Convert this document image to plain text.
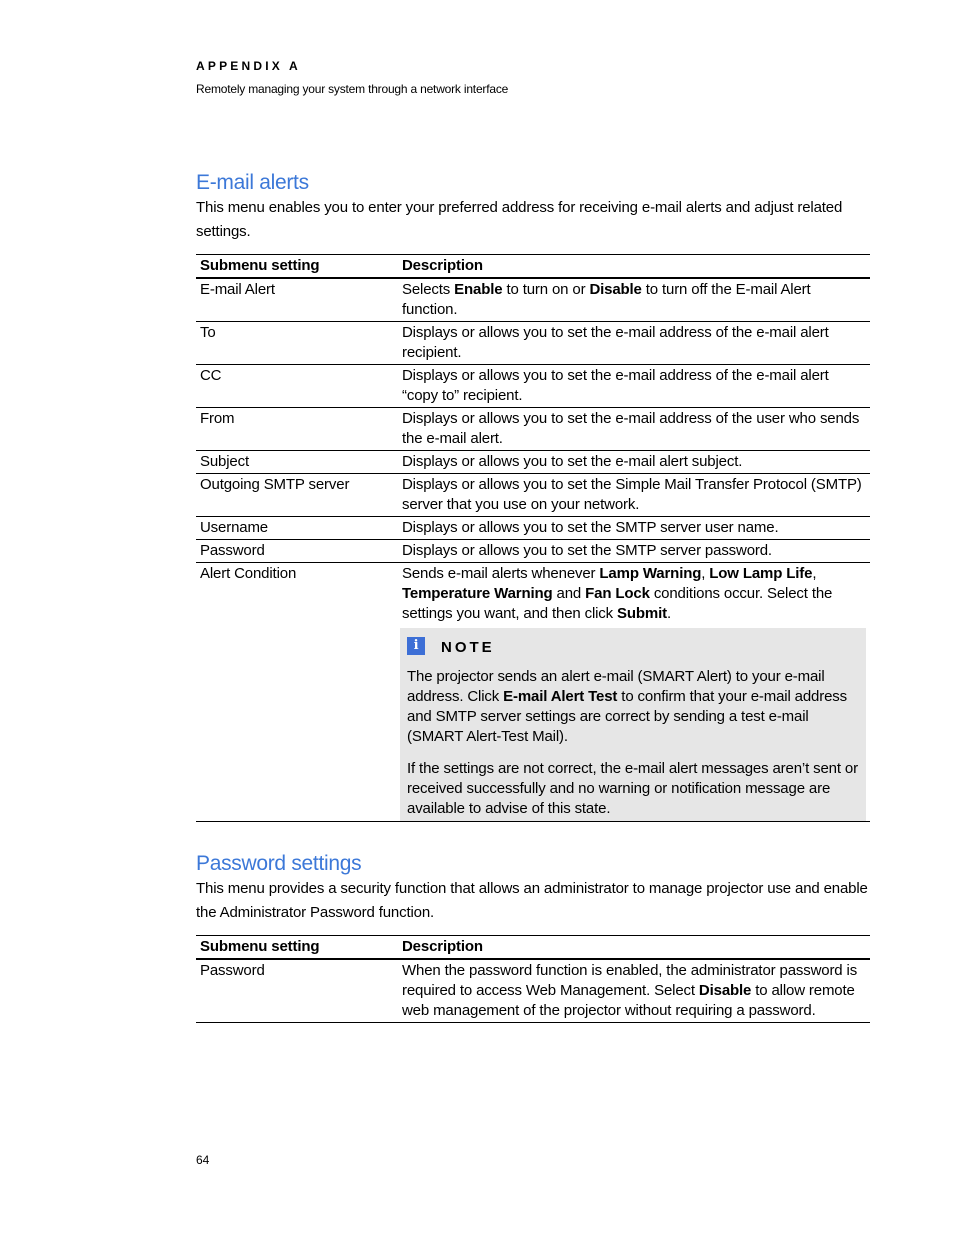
APPENDIX A
Remotely managing your system through a network interface
E-mail alerts

This menu enables you to enter your preferred address for receiving e-mail alerts and adjust related settings.

Submenu setting	Description
E-mail Alert	Selects Enable to turn on or Disable to turn off the E-mail Alert function.

To	Displays or allows you to set the e-mail address of the e-mail alert recipient.

CC	Displays or allows you to set the e-mail address of the e-mail alert “copy to” recipient.

From	Displays or allows you to set the e-mail address of the user who sends the e-mail alert.

Subject	Displays or allows you to set the e-mail alert subject.

Outgoing SMTP server	Displays or allows you to set the Simple Mail Transfer Protocol (SMTP) server that you use on your network.

Username	Displays or allows you to set the SMTP server user name.

Password	Displays or allows you to set the SMTP server password.

Alert Condition	Sends e-mail alerts whenever Lamp Warning, Low Lamp Life, Temperature Warning and Fan Lock conditions occur. Select the settings you want, and then click Submit.
i NOTE

The projector sends an alert e-mail (SMART Alert) to your e-mail address. Click E-mail Alert Test to confirm that your e-mail address and SMTP server settings are correct by sending a test e-mail (SMART Alert-Test Mail).

If the settings are not correct, the e-mail alert messages aren’t sent or received successfully and no warning or notification message are available to advise of this state.

Password settings

This menu provides a security function that allows an administrator to manage projector use and enable the Administrator Password function.

Submenu setting	Description
Password	When the password function is enabled, the administrator password is required to access Web Management. Select Disable to allow remote web management of the projector without requiring a password.
64
